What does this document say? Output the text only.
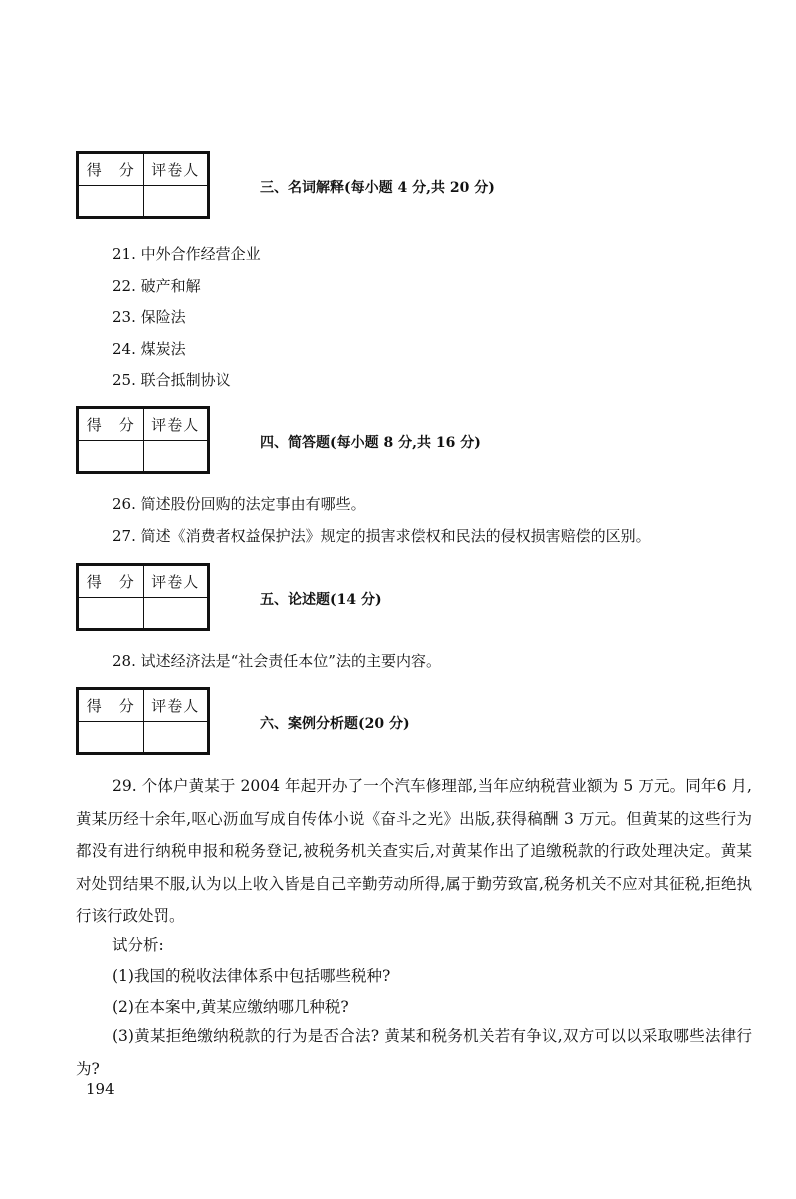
得　分	评卷人

三、名词解释(每小题 4 分,共 20 分)
21. 中外合作经营企业
22. 破产和解
23. 保险法
24. 煤炭法
25. 联合抵制协议
得　分	评卷人

四、简答题(每小题 8 分,共 16 分)
26. 简述股份回购的法定事由有哪些。
27. 简述《消费者权益保护法》规定的损害求偿权和民法的侵权损害赔偿的区别。
得　分	评卷人

五、论述题(14 分)
28. 试述经济法是“社会责任本位”法的主要内容。
得　分	评卷人

六、案例分析题(20 分)
29. 个体户黄某于 2004 年起开办了一个汽车修理部,当年应纳税营业额为 5 万元。同年6 月,黄某历经十余年,呕心沥血写成自传体小说《奋斗之光》出版,获得稿酬 3 万元。但黄某的这些行为都没有进行纳税申报和税务登记,被税务机关查实后,对黄某作出了追缴税款的行政处理决定。黄某对处罚结果不服,认为以上收入皆是自己辛勤劳动所得,属于勤劳致富,税务机关不应对其征税,拒绝执行该行政处罚。
试分析:
(1)我国的税收法律体系中包括哪些税种?
(2)在本案中,黄某应缴纳哪几种税?
(3)黄某拒绝缴纳税款的行为是否合法? 黄某和税务机关若有争议,双方可以以采取哪些法律行为?
194
